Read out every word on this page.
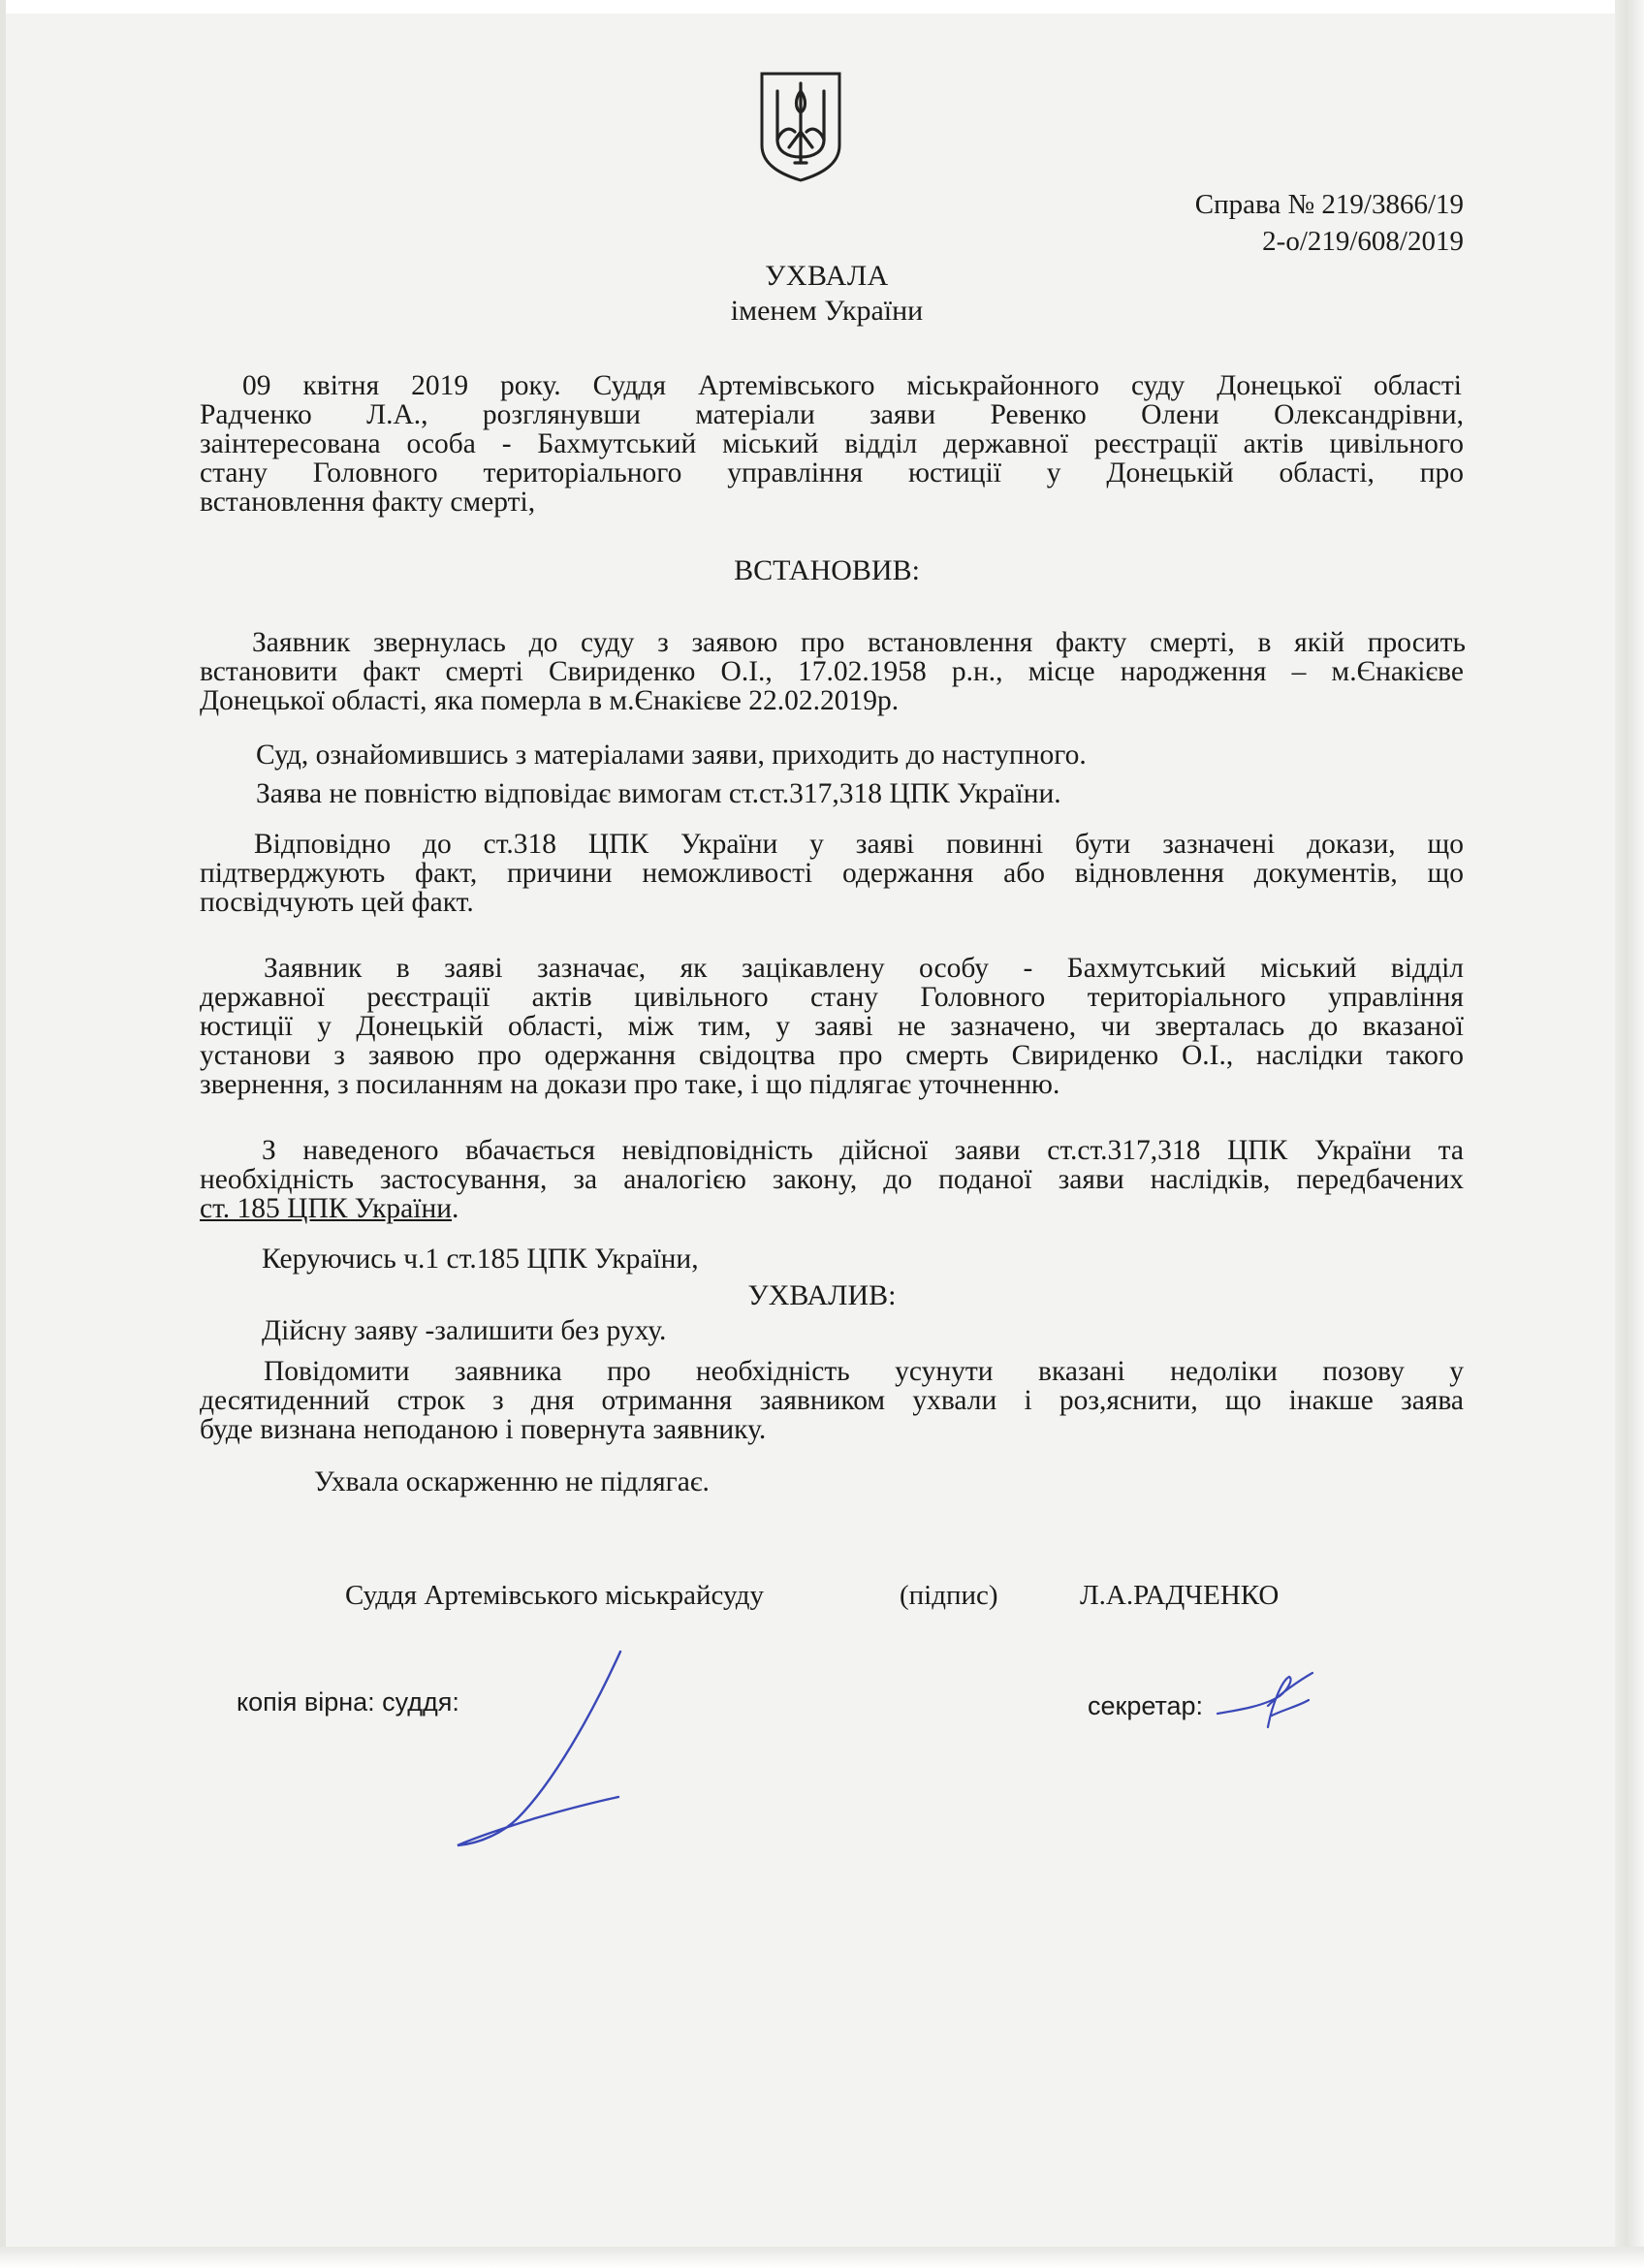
Справа № 219/3866/19
2-о/219/608/2019
УХВАЛА
іменем України
09 квітня 2019 року. Суддя Артемівського міськрайонного суду Донецької області
Радченко Л.А., розглянувши матеріали заяви Ревенко Олени Олександрівни,
заінтересована особа - Бахмутський міський відділ державної реєстрації актів цивільного
стану Головного територіального управління юстиції у Донецькій області, про
встановлення факту смерті,
ВСТАНОВИВ:
Заявник звернулась до суду з заявою про встановлення факту смерті, в якій просить
встановити факт смерті Свириденко О.І., 17.02.1958 р.н., місце народження – м.Єнакієве
Донецької області, яка померла в м.Єнакієве 22.02.2019р.
Суд, ознайомившись з матеріалами заяви, приходить до наступного.
Заява не повністю відповідає вимогам ст.ст.317,318 ЦПК України.
Відповідно до ст.318 ЦПК України у заяві повинні бути зазначені докази, що
підтверджують факт, причини неможливості одержання або відновлення документів, що
посвідчують цей факт.
Заявник в заяві зазначає, як зацікавлену особу - Бахмутський міський відділ
державної реєстрації актів цивільного стану Головного територіального управління
юстиції у Донецькій області, між тим, у заяві не зазначено, чи зверталась до вказаної
установи з заявою про одержання свідоцтва про смерть Свириденко О.І., наслідки такого
звернення, з посиланням на докази про таке, і що підлягає уточненню.
З наведеного вбачається невідповідність дійсної заяви ст.ст.317,318 ЦПК України та
необхідність застосування, за аналогією закону, до поданої заяви наслідків, передбачених
ст. 185 ЦПК України.
Керуючись ч.1 ст.185 ЦПК України,
УХВАЛИВ:
Дійсну заяву -залишити без руху.
Повідомити заявника про необхідність усунути вказані недоліки позову у
десятиденний строк з дня отримання заявником ухвали і роз,яснити, що інакше заява
буде визнана неподаною і повернута заявнику.
Ухвала оскарженню не підлягає.
Суддя Артемівського міськрайсуду	(підпис)	Л.А.РАДЧЕНКО
копія вірна: суддя:	секретар:
